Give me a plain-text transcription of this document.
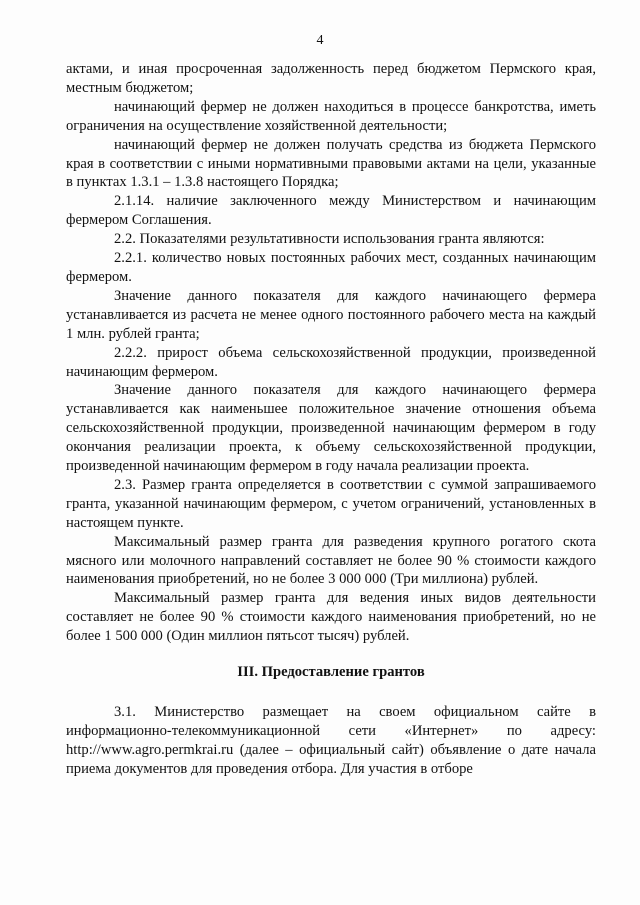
4

актами, и иная просроченная задолженность перед бюджетом Пермского края, местным бюджетом;

начинающий фермер не должен находиться в процессе банкротства, иметь ограничения на осуществление хозяйственной деятельности;

начинающий фермер не должен получать средства из бюджета Пермского края в соответствии с иными нормативными правовыми актами на цели, указанные в пунктах 1.3.1 – 1.3.8 настоящего Порядка;

2.1.14. наличие заключенного между Министерством и начинающим фермером Соглашения.

2.2. Показателями результативности использования гранта являются:

2.2.1. количество новых постоянных рабочих мест, созданных начинающим фермером.

Значение данного показателя для каждого начинающего фермера устанавливается из расчета не менее одного постоянного рабочего места на каждый 1 млн. рублей гранта;

2.2.2. прирост объема сельскохозяйственной продукции, произведенной начинающим фермером.

Значение данного показателя для каждого начинающего фермера устанавливается как наименьшее положительное значение отношения объема сельскохозяйственной продукции, произведенной начинающим фермером в году окончания реализации проекта, к объему сельскохозяйственной продукции, произведенной начинающим фермером в году начала реализации проекта.

2.3. Размер гранта определяется в соответствии с суммой запрашиваемого гранта, указанной начинающим фермером, с учетом ограничений, установленных в настоящем пункте.

Максимальный размер гранта для разведения крупного рогатого скота мясного или молочного направлений составляет не более 90 % стоимости каждого наименования приобретений, но не более 3 000 000 (Три миллиона) рублей.

Максимальный размер гранта для ведения иных видов деятельности составляет не более 90 % стоимости каждого наименования приобретений, но не более 1 500 000 (Один миллион пятьсот тысяч) рублей.

III. Предоставление грантов

3.1. Министерство размещает на своем официальном сайте в информационно-телекоммуникационной сети «Интернет» по адресу: http://www.agro.permkrai.ru (далее – официальный сайт) объявление о дате начала приема документов для проведения отбора. Для участия в отборе
